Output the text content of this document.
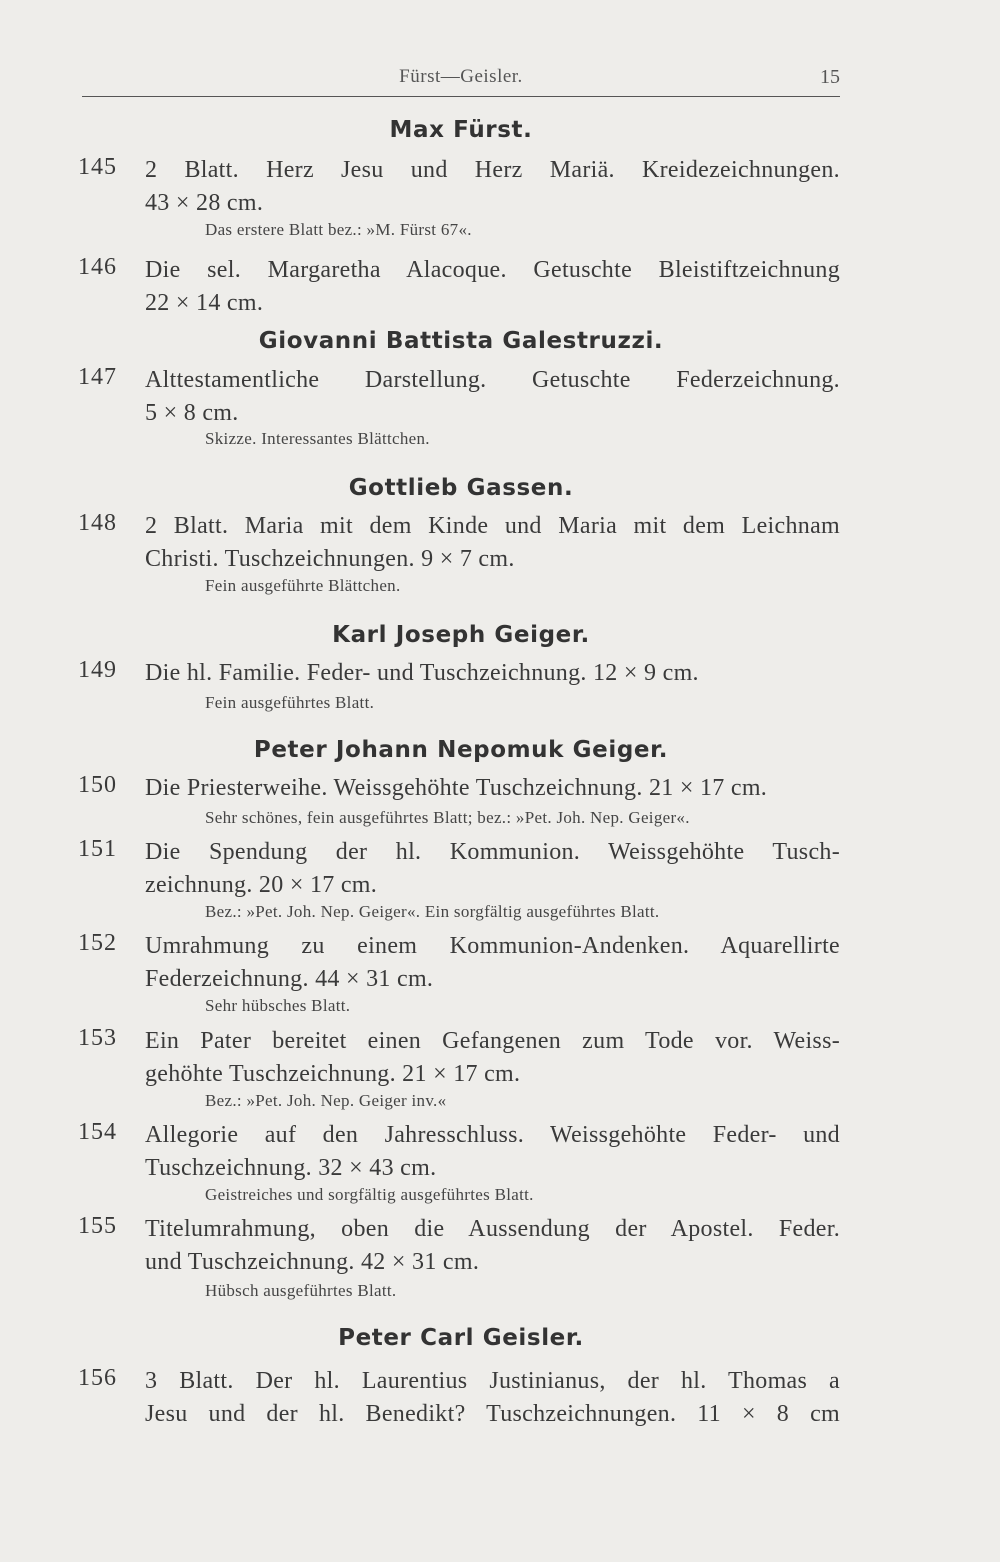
Fürst—Geisler.	15
Max Fürst.
145 2 Blatt. Herz Jesu und Herz Mariä. Kreidezeichnungen.
43 × 28 cm.
Das erstere Blatt bez.: »M. Fürst 67«.
146 Die sel. Margaretha Alacoque. Getuschte Bleistiftzeichnung
22 × 14 cm.
Giovanni Battista Galestruzzi.
147 Alttestamentliche Darstellung. Getuschte Federzeichnung.
5 × 8 cm.
Skizze. Interessantes Blättchen.
Gottlieb Gassen.
148 2 Blatt. Maria mit dem Kinde und Maria mit dem Leichnam
Christi. Tuschzeichnungen. 9 × 7 cm.
Fein ausgeführte Blättchen.
Karl Joseph Geiger.
149 Die hl. Familie. Feder- und Tuschzeichnung. 12 × 9 cm.
Fein ausgeführtes Blatt.
Peter Johann Nepomuk Geiger.
150 Die Priesterweihe. Weissgehöhte Tuschzeichnung. 21 × 17 cm.
Sehr schönes, fein ausgeführtes Blatt; bez.: »Pet. Joh. Nep. Geiger«.
151 Die Spendung der hl. Kommunion. Weissgehöhte Tusch-
zeichnung. 20 × 17 cm.
Bez.: »Pet. Joh. Nep. Geiger«. Ein sorgfältig ausgeführtes Blatt.
152 Umrahmung zu einem Kommunion-Andenken. Aquarellirte
Federzeichnung. 44 × 31 cm.
Sehr hübsches Blatt.
153 Ein Pater bereitet einen Gefangenen zum Tode vor. Weiss-
gehöhte Tuschzeichnung. 21 × 17 cm.
Bez.: »Pet. Joh. Nep. Geiger inv.«
154 Allegorie auf den Jahresschluss. Weissgehöhte Feder- und
Tuschzeichnung. 32 × 43 cm.
Geistreiches und sorgfältig ausgeführtes Blatt.
155 Titelumrahmung, oben die Aussendung der Apostel. Feder.
und Tuschzeichnung. 42 × 31 cm.
Hübsch ausgeführtes Blatt.
Peter Carl Geisler.
156 3 Blatt. Der hl. Laurentius Justinianus, der hl. Thomas a
Jesu und der hl. Benedikt? Tuschzeichnungen. 11 × 8 cm
